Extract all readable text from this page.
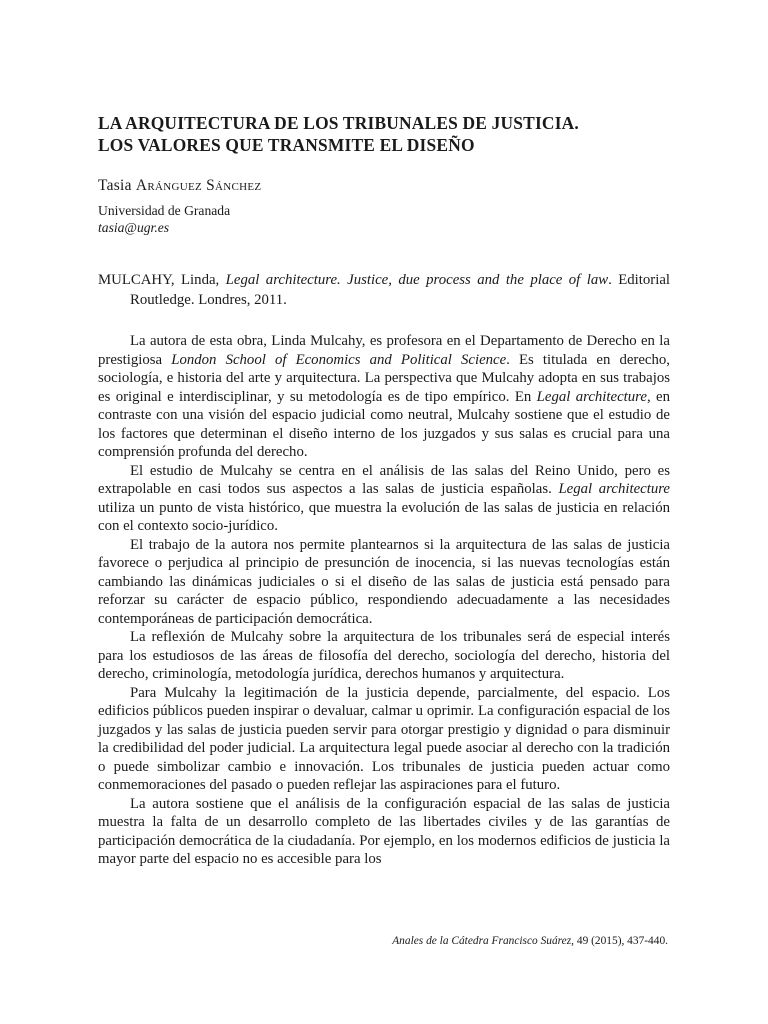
LA ARQUITECTURA DE LOS TRIBUNALES DE JUSTICIA.
LOS VALORES QUE TRANSMITE EL DISEÑO
Tasia Aránguez Sánchez
Universidad de Granada
tasia@ugr.es
MULCAHY, Linda, Legal architecture. Justice, due process and the place of law. Editorial Routledge. Londres, 2011.

La autora de esta obra, Linda Mulcahy, es profesora en el Departamento de Derecho en la prestigiosa London School of Economics and Political Science. Es titulada en derecho, sociología, e historia del arte y arquitectura. La perspectiva que Mulcahy adopta en sus trabajos es original e interdisciplinar, y su metodología es de tipo empírico. En Legal architecture, en contraste con una visión del espacio judicial como neutral, Mulcahy sostiene que el estudio de los factores que determinan el diseño interno de los juzgados y sus salas es crucial para una comprensión profunda del derecho.

El estudio de Mulcahy se centra en el análisis de las salas del Reino Unido, pero es extrapolable en casi todos sus aspectos a las salas de justicia españolas. Legal architecture utiliza un punto de vista histórico, que muestra la evolución de las salas de justicia en relación con el contexto socio-jurídico.

El trabajo de la autora nos permite plantearnos si la arquitectura de las salas de justicia favorece o perjudica al principio de presunción de inocencia, si las nuevas tecnologías están cambiando las dinámicas judiciales o si el diseño de las salas de justicia está pensado para reforzar su carácter de espacio público, respondiendo adecuadamente a las necesidades contemporáneas de participación democrática.

La reflexión de Mulcahy sobre la arquitectura de los tribunales será de especial interés para los estudiosos de las áreas de filosofía del derecho, sociología del derecho, historia del derecho, criminología, metodología jurídica, derechos humanos y arquitectura.

Para Mulcahy la legitimación de la justicia depende, parcialmente, del espacio. Los edificios públicos pueden inspirar o devaluar, calmar u oprimir. La configuración espacial de los juzgados y las salas de justicia pueden servir para otorgar prestigio y dignidad o para disminuir la credibilidad del poder judicial. La arquitectura legal puede asociar al derecho con la tradición o puede simbolizar cambio e innovación. Los tribunales de justicia pueden actuar como conmemoraciones del pasado o pueden reflejar las aspiraciones para el futuro.

La autora sostiene que el análisis de la configuración espacial de las salas de justicia muestra la falta de un desarrollo completo de las libertades civiles y de las garantías de participación democrática de la ciudadanía. Por ejemplo, en los modernos edificios de justicia la mayor parte del espacio no es accesible para los

Anales de la Cátedra Francisco Suárez, 49 (2015), 437-440.
